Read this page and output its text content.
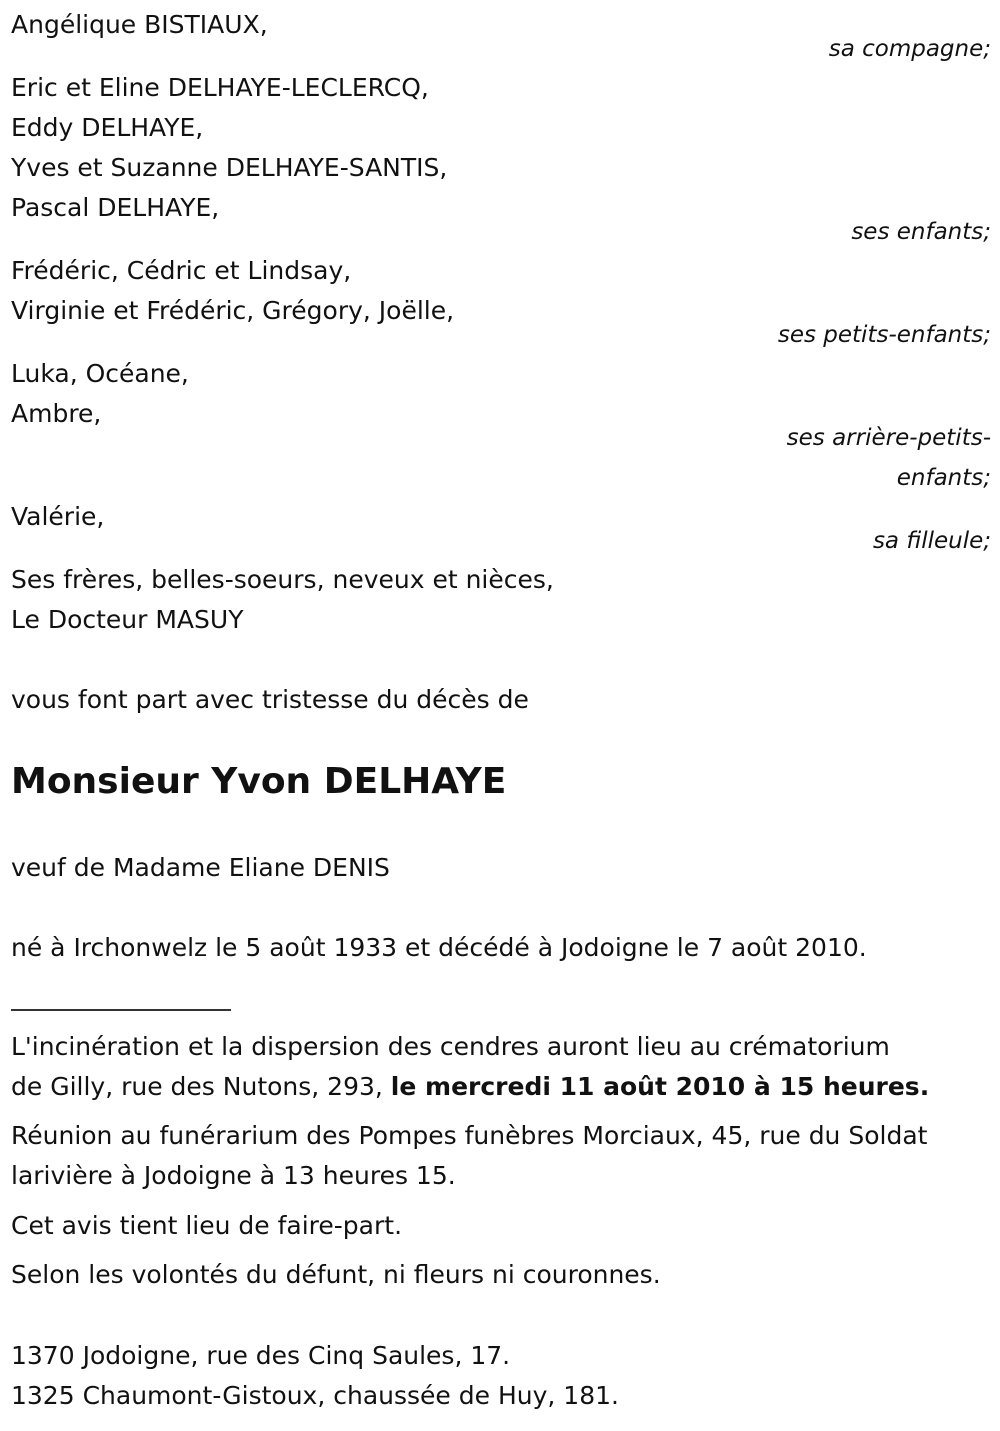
Angélique BISTIAUX,

sa compagne;

Eric et Eline DELHAYE-LECLERCQ,

Eddy DELHAYE,

Yves et Suzanne DELHAYE-SANTIS,

Pascal DELHAYE,

ses enfants;

Frédéric, Cédric et Lindsay,

Virginie et Frédéric, Grégory, Joëlle,

ses petits-enfants;

Luka, Océane,

Ambre,

ses arrière-petits-

enfants;

Valérie,

sa filleule;

Ses frères, belles-soeurs, neveux et nièces,

Le Docteur MASUY

vous font part avec tristesse du décès de

Monsieur Yvon DELHAYE

veuf de Madame Eliane DENIS

né à Irchonwelz le 5 août 1933 et décédé à Jodoigne le 7 août 2010.

L'incinération et la dispersion des cendres auront lieu au crématorium

de Gilly, rue des Nutons, 293, le mercredi 11 août 2010 à 15 heures.

Réunion au funérarium des Pompes funèbres Morciaux, 45, rue du Soldat

larivière à Jodoigne à 13 heures 15.

Cet avis tient lieu de faire-part.

Selon les volontés du défunt, ni fleurs ni couronnes.

1370 Jodoigne, rue des Cinq Saules, 17.

1325 Chaumont-Gistoux, chaussée de Huy, 181.
